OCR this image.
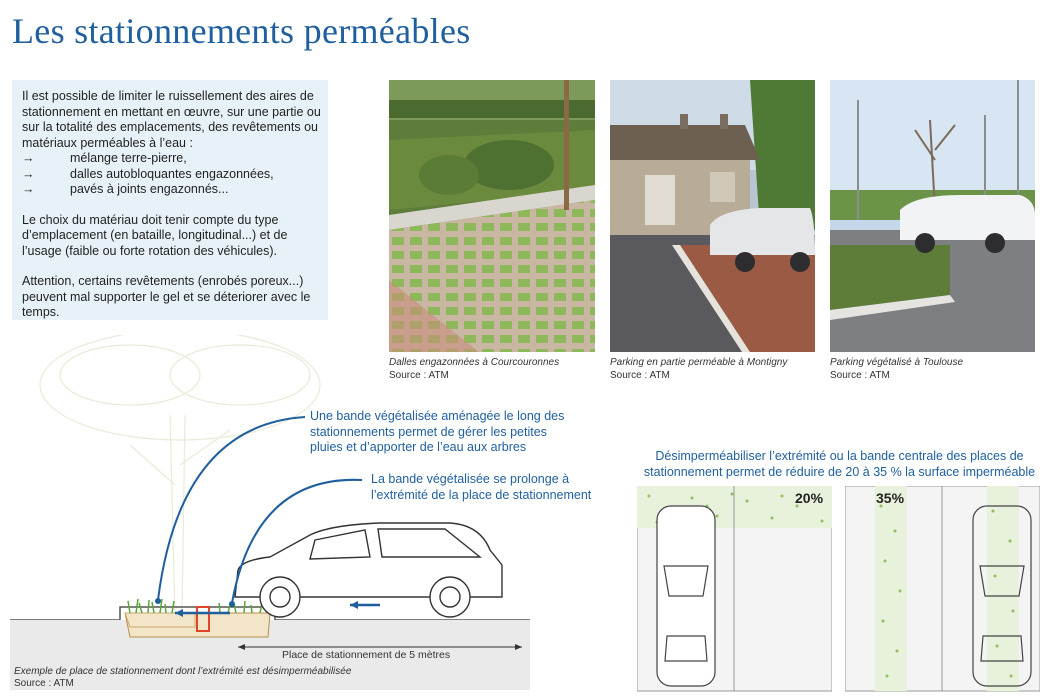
Les stationnements perméables

Il est possible de limiter le ruissellement des aires de stationnement en mettant en œuvre, sur une partie ou sur la totalité des emplacements, des revêtements ou matériaux perméables à l’eau :

→	mélange terre-pierre,
→	dalles autobloquantes engazonnées,
→	pavés à joints engazonnés...

Le choix du matériau doit tenir compte du type d’emplacement (en bataille, longitudinal...) et de l’usage (faible ou forte rotation des véhicules).

Attention, certains revêtements (enrobés poreux...) peuvent mal supporter le gel et se déteriorer avec le temps.

Dalles engazonnées à Courcouronnes
Source : ATM
Parking en partie perméable à Montigny
Source : ATM
Parking végétalisé à Toulouse
Source : ATM
Une bande végétalisée aménagée le long des stationnements permet de gérer les petites pluies et d’apporter de l’eau aux arbres
La bande végétalisée se prolonge à l’extrémité de la place de stationnement
Place de stationnement de 5 mètres
Exemple de place de stationnement dont l’extrémité est désimperméabilisée
Source : ATM
Désimperméabiliser l’extrémité ou la bande centrale des places de stationnement permet de réduire de 20 à 35 % la surface imperméable
20%	35%
